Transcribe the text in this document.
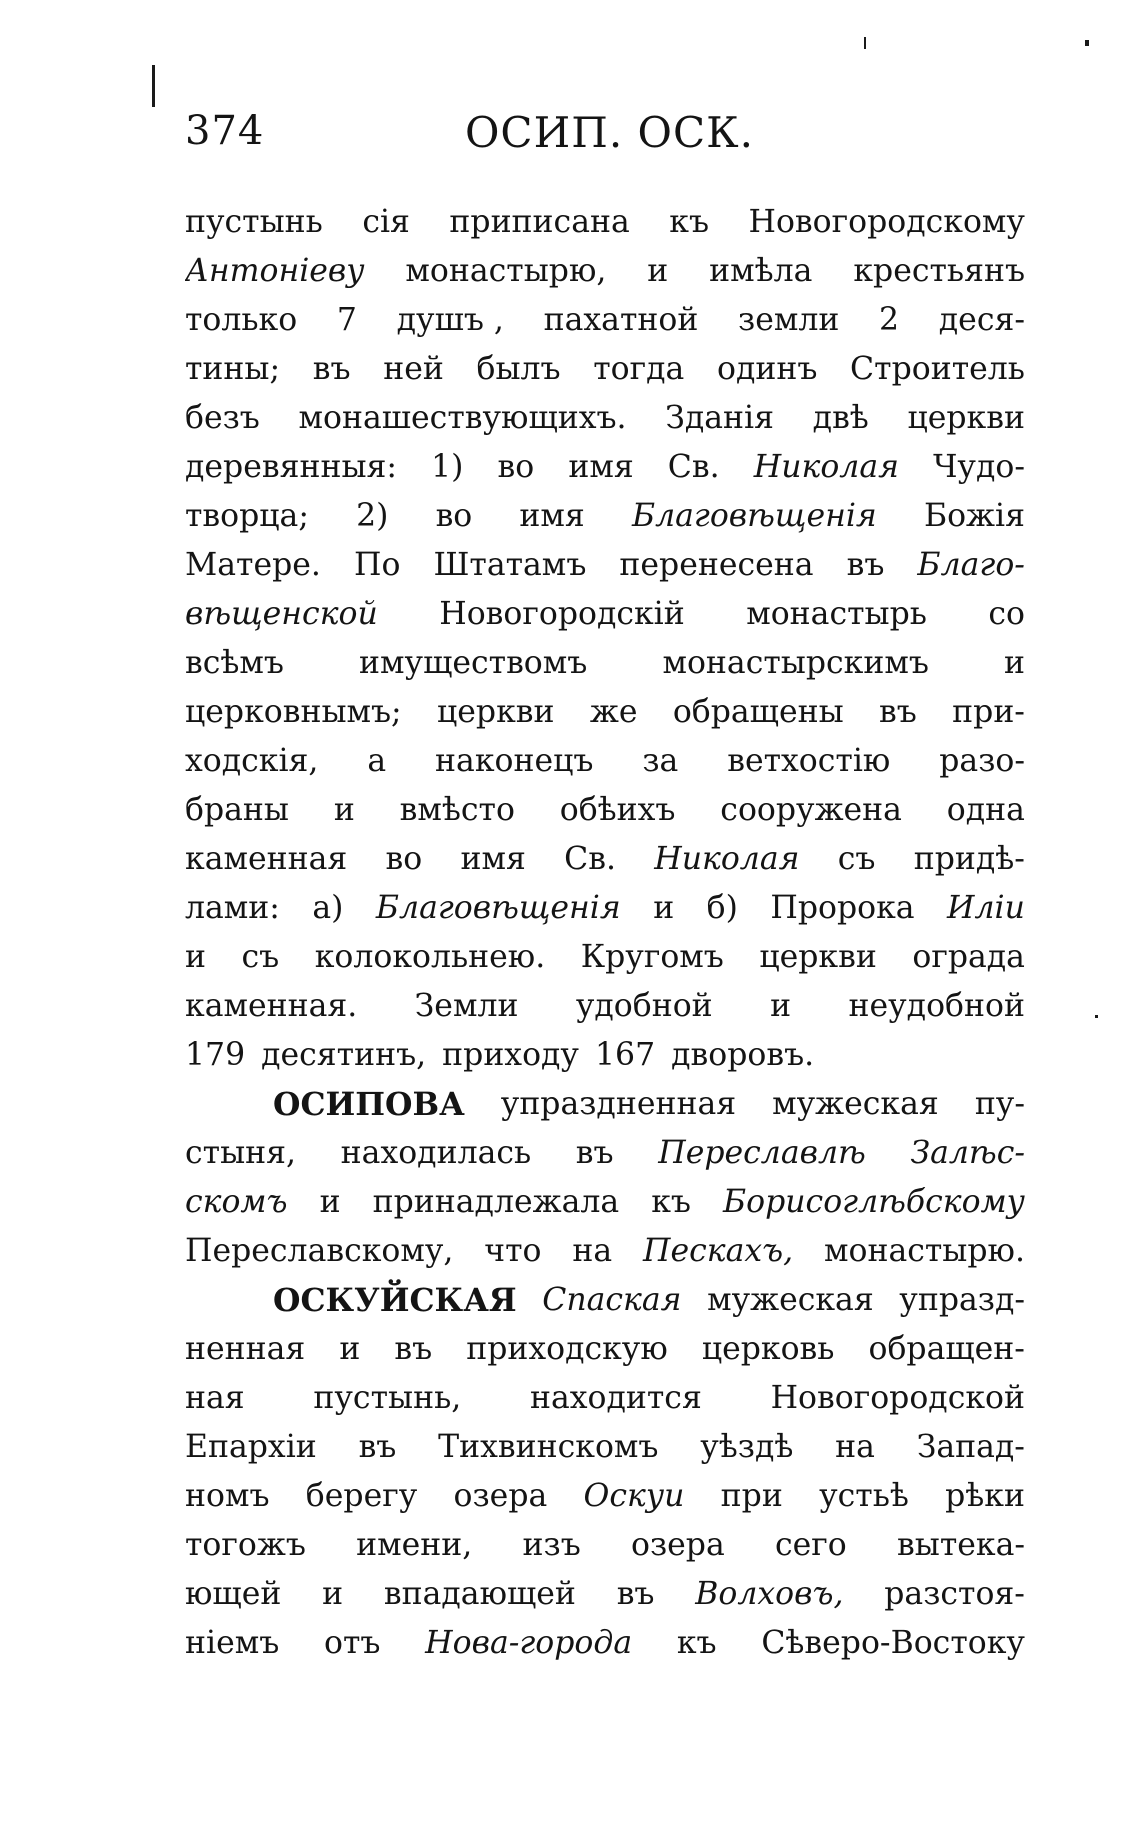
374	ОСИП. ОСК.
пустынь сія приписана къ Новогородскому
Антоніеву монастырю, и имѣла крестьянъ
только 7 душъ , пахатной земли 2 деся-
тины; въ ней былъ тогда одинъ Строитель
безъ монашествующихъ. Зданія двѣ церкви
деревянныя: 1) во имя Св. Николая Чудо-
творца; 2) во имя Благовѣщенія Божія
Матере. По Штатамъ перенесена въ Благо-
вѣщенской Новогородскій монастырь со
всѣмъ имуществомъ монастырскимъ и
церковнымъ; церкви же обращены въ при-
ходскія, а наконецъ за ветхостію разо-
браны и вмѣсто обѣихъ сооружена одна
каменная во имя Св. Николая съ придѣ-
лами: а) Благовѣщенія и б) Пророка Иліи
и съ колокольнею. Кругомъ церкви ограда
каменная. Земли удобной и неудобной
179 десятинъ, приходу 167 дворовъ.
ОСИПОВА упраздненная мужеская пу-
стыня, находилась въ Переславлѣ Залѣс-
скомъ и принадлежала къ Борисоглѣбскому
Переславскому, что на Пескахъ, монастырю.
ОСКУЙСКАЯ Спаская мужеская упразд-
ненная и въ приходскую церковь обращен-
ная пустынь, находится Новогородской
Епархіи въ Тихвинскомъ уѣздѣ на Запад-
номъ берегу озера Оскуи при устьѣ рѣки
тогожъ имени, изъ озера сего вытека-
ющей и впадающей въ Волховъ, разстоя-
ніемъ отъ Нова-города къ Сѣверо-Востоку
